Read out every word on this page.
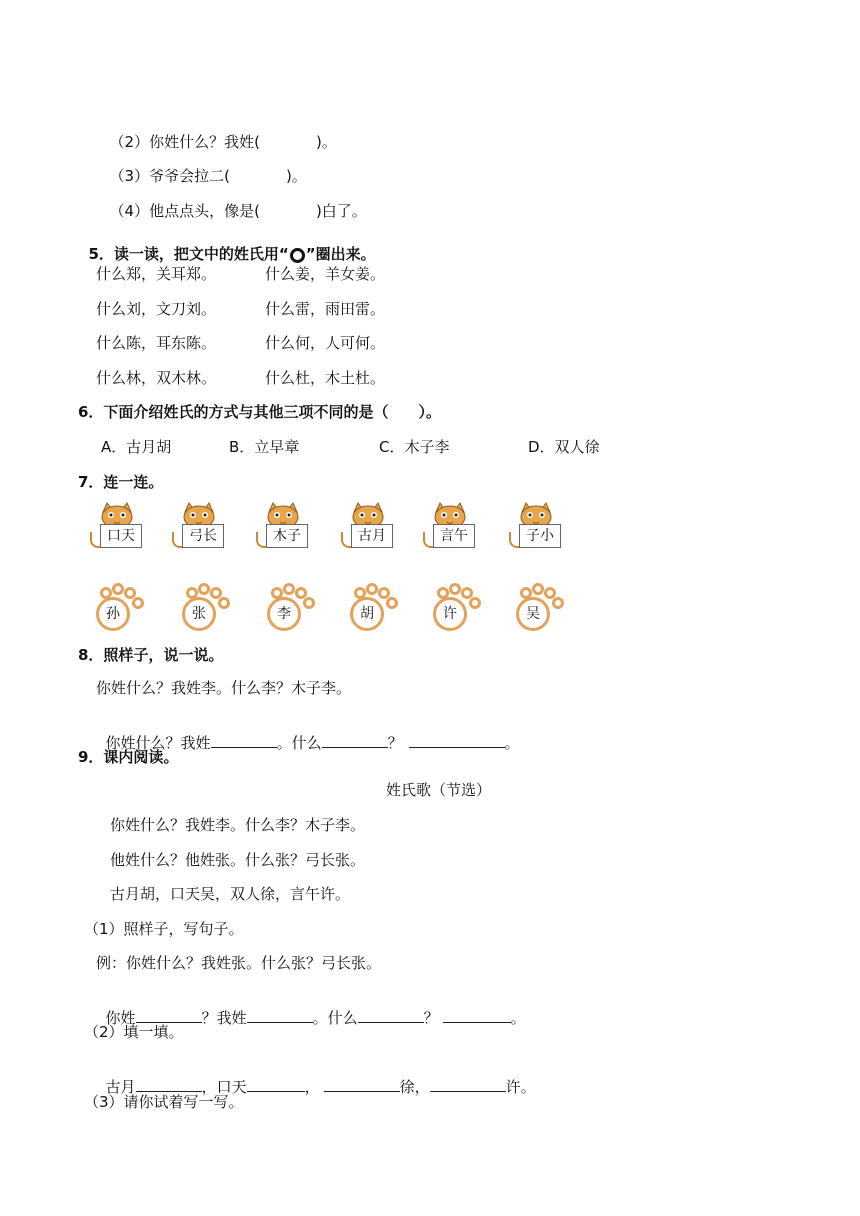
（2）你姓什么？我姓(	)。

（3）爷爷会拉二(	)。

（4）他点点头，像是(	)白了。

5．读一读，把文中的姓氏用“○”圈出来。

什么郑，关耳郑。	什么姜，羊女姜。
什么刘，文刀刘。	什么雷，雨田雷。
什么陈，耳东陈。	什么何，人可何。
什么林，双木林。	什么杜，木土杜。
6．下面介绍姓氏的方式与其他三项不同的是（　　）。
A．古月胡	B．立早章	C．木子李	D．双人徐
7．连一连。
口天	弓长	木子	古月	言午	子小
孙	张	李	胡	许	吴
8．照样子，说一说。
你姓什么？我姓李。什么李？木子李。

你姓什么？我姓	。什么	？	。

9．课内阅读。
姓氏歌（节选）
你姓什么？我姓李。什么李？木子李。
他姓什么？他姓张。什么张？弓长张。
古月胡，口天吴，双人徐，言午许。
（1）照样子，写句子。
例：你姓什么？我姓张。什么张？弓长张。

你姓	？我姓	。什么	？	。

（2）填一填。

古月	，口天	，	徐，	许。

（3）请你试着写一写。
